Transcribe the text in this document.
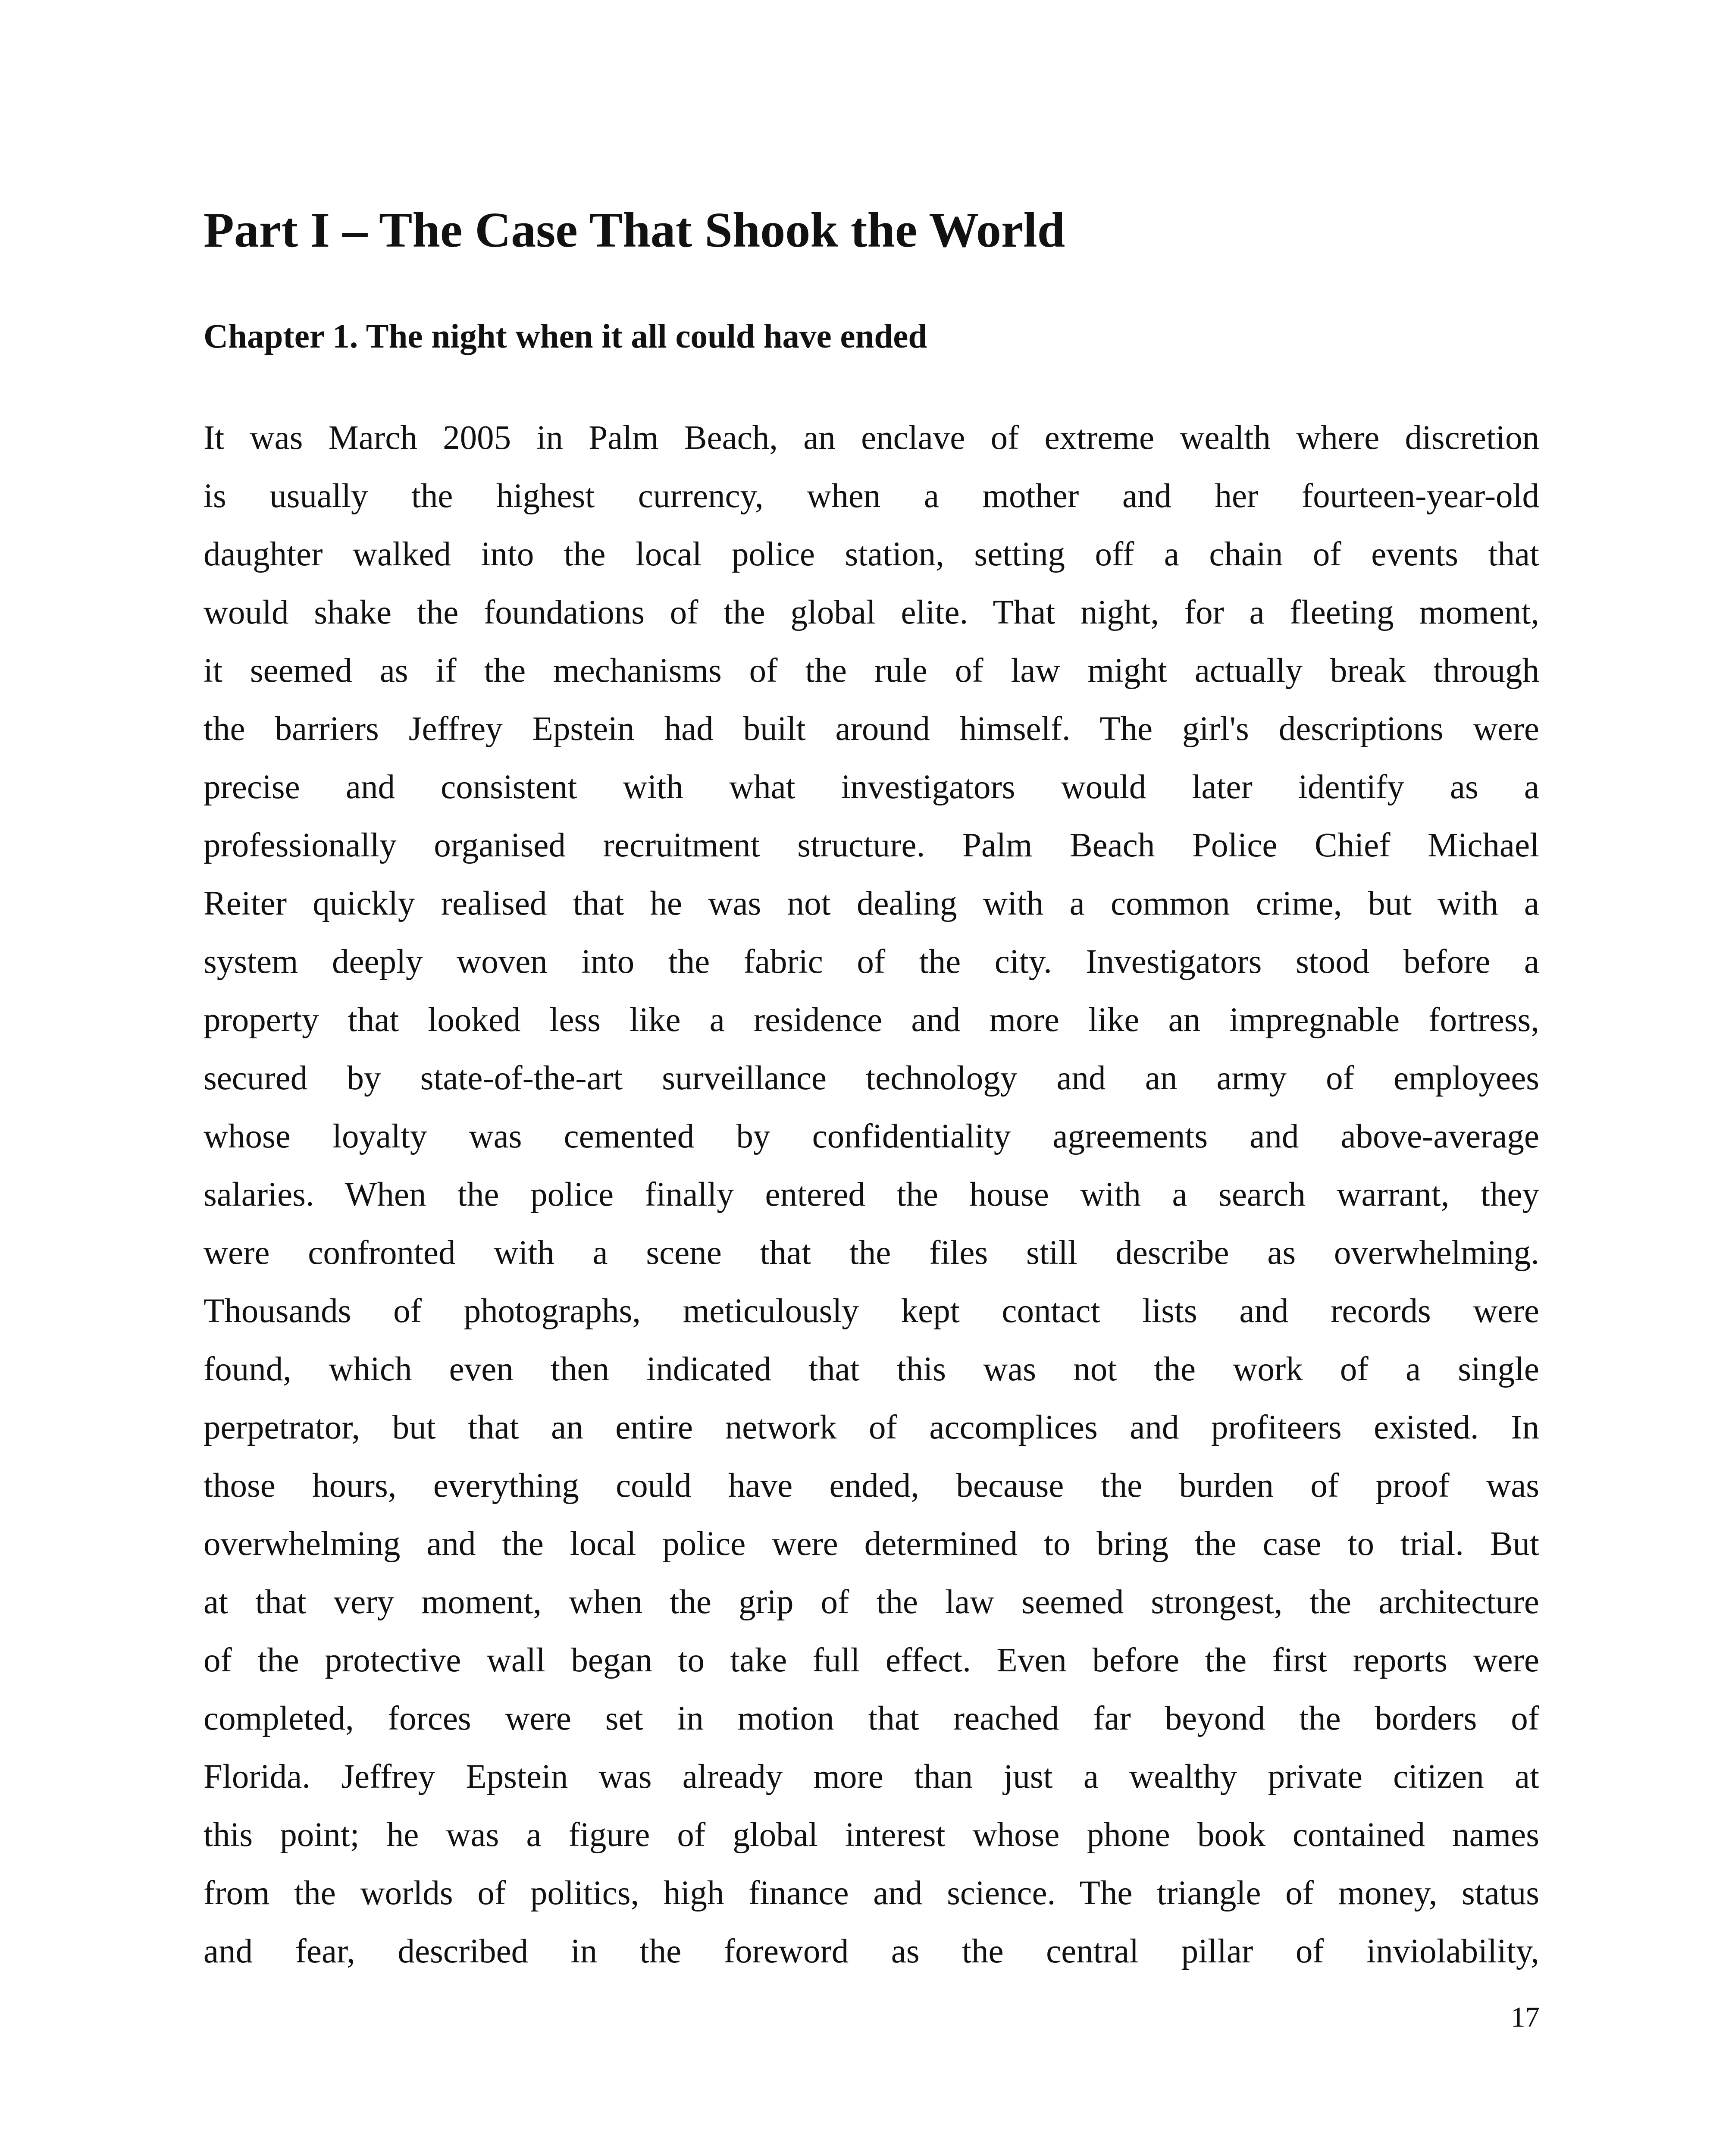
Part I – The Case That Shook the World
Chapter 1. The night when it all could have ended
It was March 2005 in Palm Beach, an enclave of extreme wealth where discretion
is usually the highest currency, when a mother and her fourteen-year-old
daughter walked into the local police station, setting off a chain of events that
would shake the foundations of the global elite. That night, for a fleeting moment,
it seemed as if the mechanisms of the rule of law might actually break through
the barriers Jeffrey Epstein had built around himself. The girl's descriptions were
precise and consistent with what investigators would later identify as a
professionally organised recruitment structure. Palm Beach Police Chief Michael
Reiter quickly realised that he was not dealing with a common crime, but with a
system deeply woven into the fabric of the city. Investigators stood before a
property that looked less like a residence and more like an impregnable fortress,
secured by state-of-the-art surveillance technology and an army of employees
whose loyalty was cemented by confidentiality agreements and above-average
salaries. When the police finally entered the house with a search warrant, they
were confronted with a scene that the files still describe as overwhelming.
Thousands of photographs, meticulously kept contact lists and records were
found, which even then indicated that this was not the work of a single
perpetrator, but that an entire network of accomplices and profiteers existed. In
those hours, everything could have ended, because the burden of proof was
overwhelming and the local police were determined to bring the case to trial. But
at that very moment, when the grip of the law seemed strongest, the architecture
of the protective wall began to take full effect. Even before the first reports were
completed, forces were set in motion that reached far beyond the borders of
Florida. Jeffrey Epstein was already more than just a wealthy private citizen at
this point; he was a figure of global interest whose phone book contained names
from the worlds of politics, high finance and science. The triangle of money, status
and fear, described in the foreword as the central pillar of inviolability,
17
